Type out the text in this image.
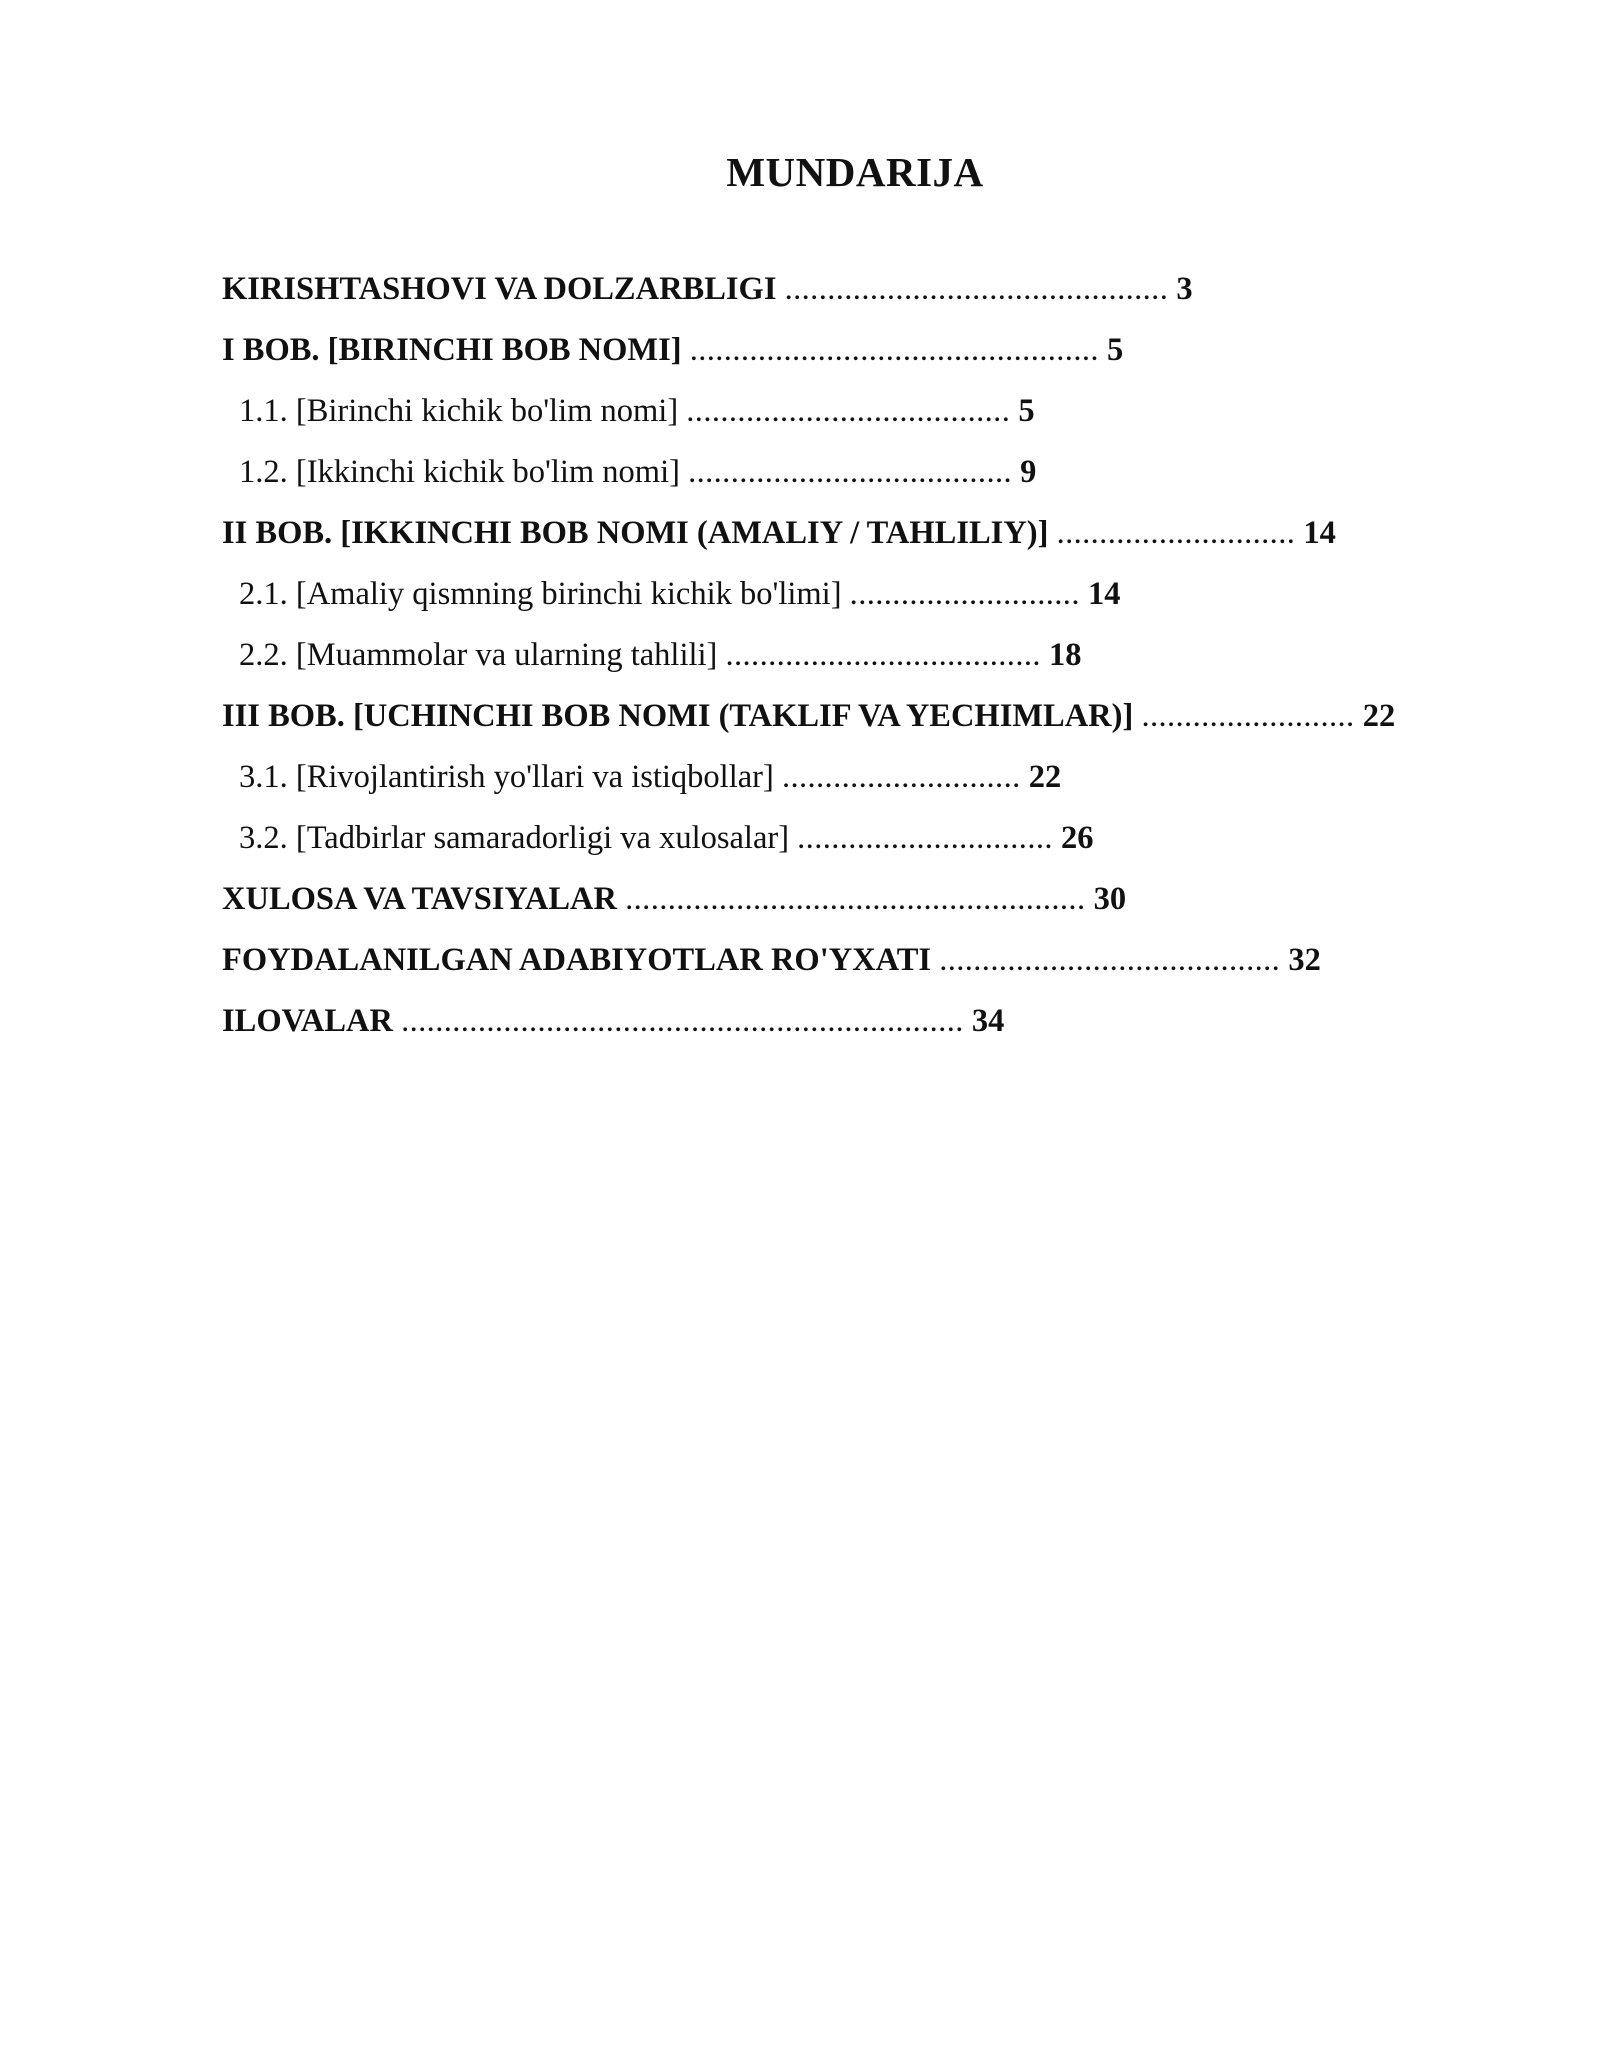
MUNDARIJA
KIRISHTASHOVI VA DOLZARBLIGI ............................................. 3
I BOB. [BIRINCHI BOB NOMI] ................................................ 5
1.1. [Birinchi kichik bo'lim nomi] ...................................... 5
1.2. [Ikkinchi kichik bo'lim nomi] ...................................... 9
II BOB. [IKKINCHI BOB NOMI (AMALIY / TAHLILIY)] ............................ 14
2.1. [Amaliy qismning birinchi kichik bo'limi] ........................... 14
2.2. [Muammolar va ularning tahlili] ..................................... 18
III BOB. [UCHINCHI BOB NOMI (TAKLIF VA YECHIMLAR)] ......................... 22
3.1. [Rivojlantirish yo'llari va istiqbollar] ............................ 22
3.2. [Tadbirlar samaradorligi va xulosalar] .............................. 26
XULOSA VA TAVSIYALAR ...................................................... 30
FOYDALANILGAN ADABIYOTLAR RO'YXATI ........................................ 32
ILOVALAR .................................................................. 34
